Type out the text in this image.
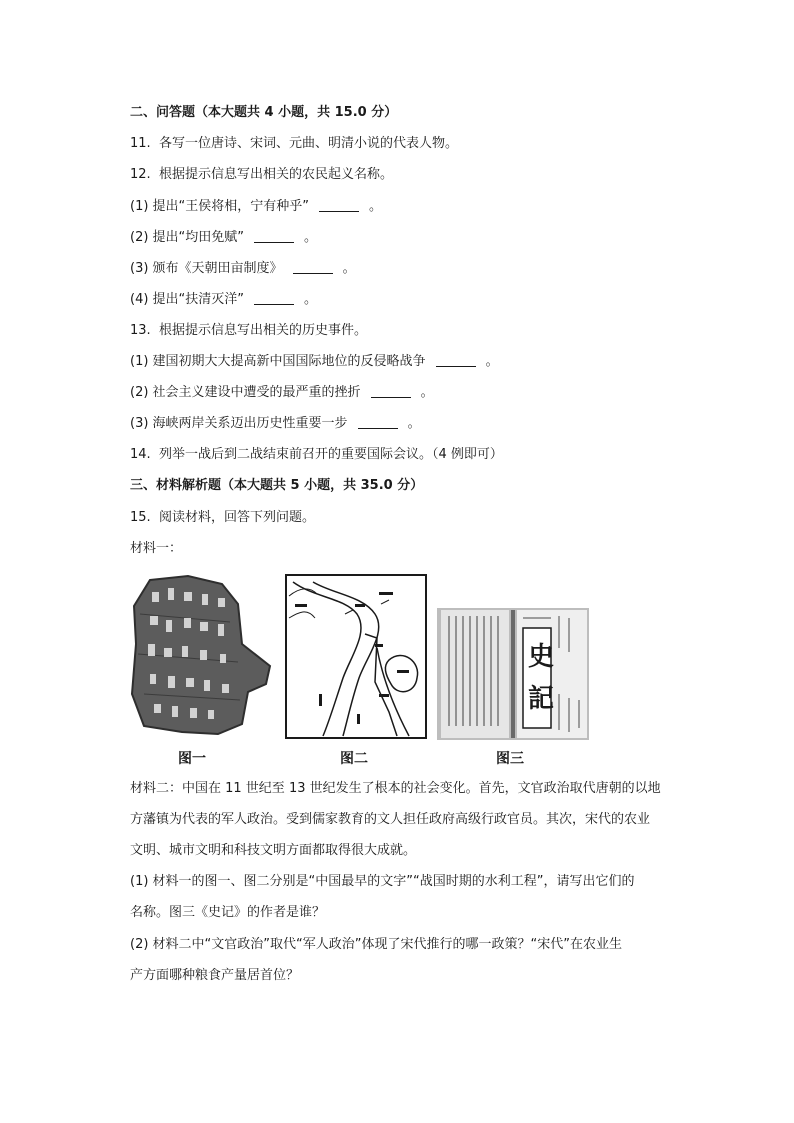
二、问答题（本大题共 4 小题，共 15.0 分）
11.  各写一位唐诗、宋词、元曲、明清小说的代表人物。
12.  根据提示信息写出相关的农民起义名称。
(1) 提出“王侯将相，宁有种乎”	。
(2) 提出“均田免赋”	。
(3) 颁布《天朝田亩制度》	。
(4) 提出“扶清灭洋”	。
13.  根据提示信息写出相关的历史事件。
(1) 建国初期大大提高新中国国际地位的反侵略战争	。
(2) 社会主义建设中遭受的最严重的挫折	。
(3) 海峡两岸关系迈出历史性重要一步	。
14.  列举一战后到二战结束前召开的重要国际会议。（4 例即可）
三、材料解析题（本大题共 5 小题，共 35.0 分）
15.  阅读材料，回答下列问题。
材料一：
图一	图二
史
記
图三
材料二：中国在 11 世纪至 13 世纪发生了根本的社会变化。首先，文官政治取代唐朝的以地
方藩镇为代表的军人政治。受到儒家教育的文人担任政府高级行政官员。其次，宋代的农业
文明、城市文明和科技文明方面都取得很大成就。
(1) 材料一的图一、图二分别是“中国最早的文字”“战国时期的水利工程”，请写出它们的
名称。图三《史记》的作者是谁？
(2) 材料二中“文官政治”取代“军人政治”体现了宋代推行的哪一政策？“宋代”在农业生
产方面哪种粮食产量居首位？
